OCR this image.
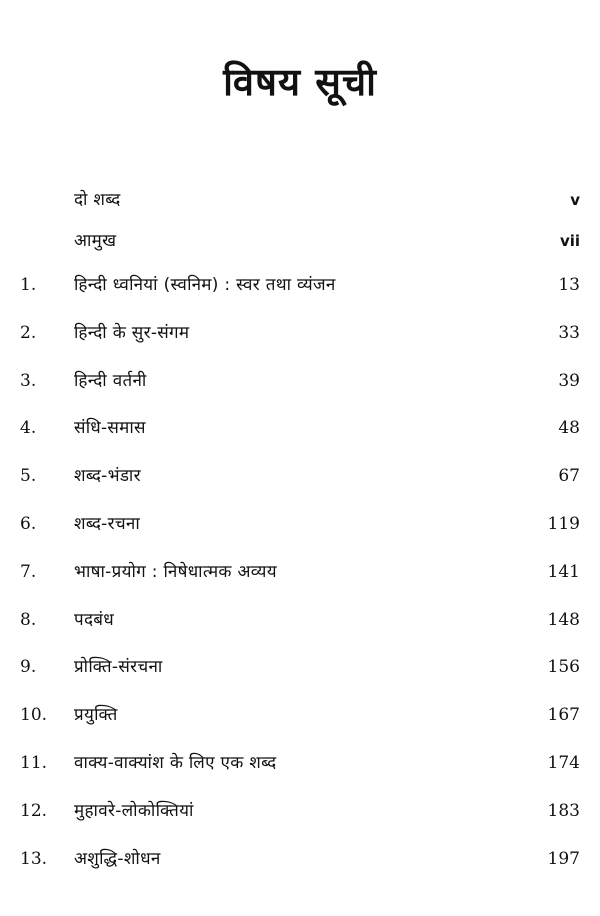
विषय सूची
दो शब्द	v
आमुख	vii
1. हिन्दी ध्वनियां (स्वनिम) : स्वर तथा व्यंजन	13
2. हिन्दी के सुर-संगम	33
3. हिन्दी वर्तनी	39
4. संधि-समास	48
5. शब्द-भंडार	67
6. शब्द-रचना	119
7. भाषा-प्रयोग : निषेधात्मक अव्यय	141
8. पदबंध	148
9. प्रोक्ति-संरचना	156
10. प्रयुक्ति	167
11. वाक्य-वाक्यांश के लिए एक शब्द	174
12. मुहावरे-लोकोक्तियां	183
13. अशुद्धि-शोधन	197
